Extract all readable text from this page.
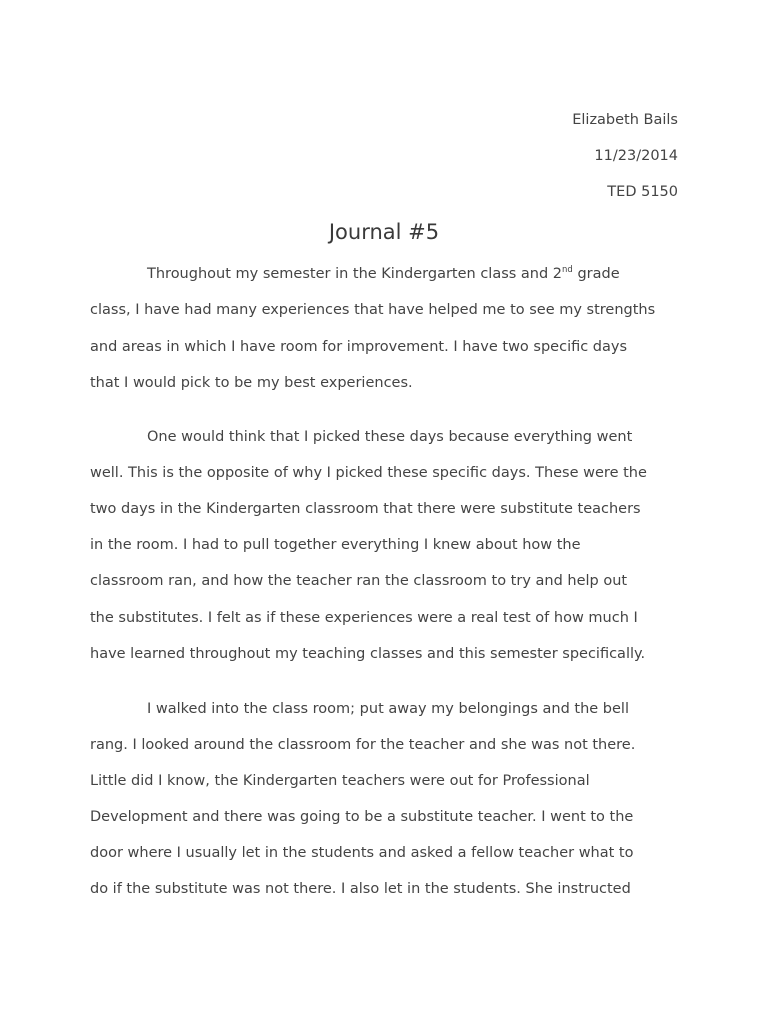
Elizabeth Bails
11/23/2014
TED 5150
Journal #5
Throughout my semester in the Kindergarten class and 2nd grade
class, I have had many experiences that have helped me to see my strengths
and areas in which I have room for improvement. I have two specific days
that I would pick to be my best experiences.
One would think that I picked these days because everything went
well. This is the opposite of why I picked these specific days. These were the
two days in the Kindergarten classroom that there were substitute teachers
in the room. I had to pull together everything I knew about how the
classroom ran, and how the teacher ran the classroom to try and help out
the substitutes. I felt as if these experiences were a real test of how much I
have learned throughout my teaching classes and this semester specifically.
I walked into the class room; put away my belongings and the bell
rang. I looked around the classroom for the teacher and she was not there.
Little did I know, the Kindergarten teachers were out for Professional
Development and there was going to be a substitute teacher. I went to the
door where I usually let in the students and asked a fellow teacher what to
do if the substitute was not there. I also let in the students. She instructed
